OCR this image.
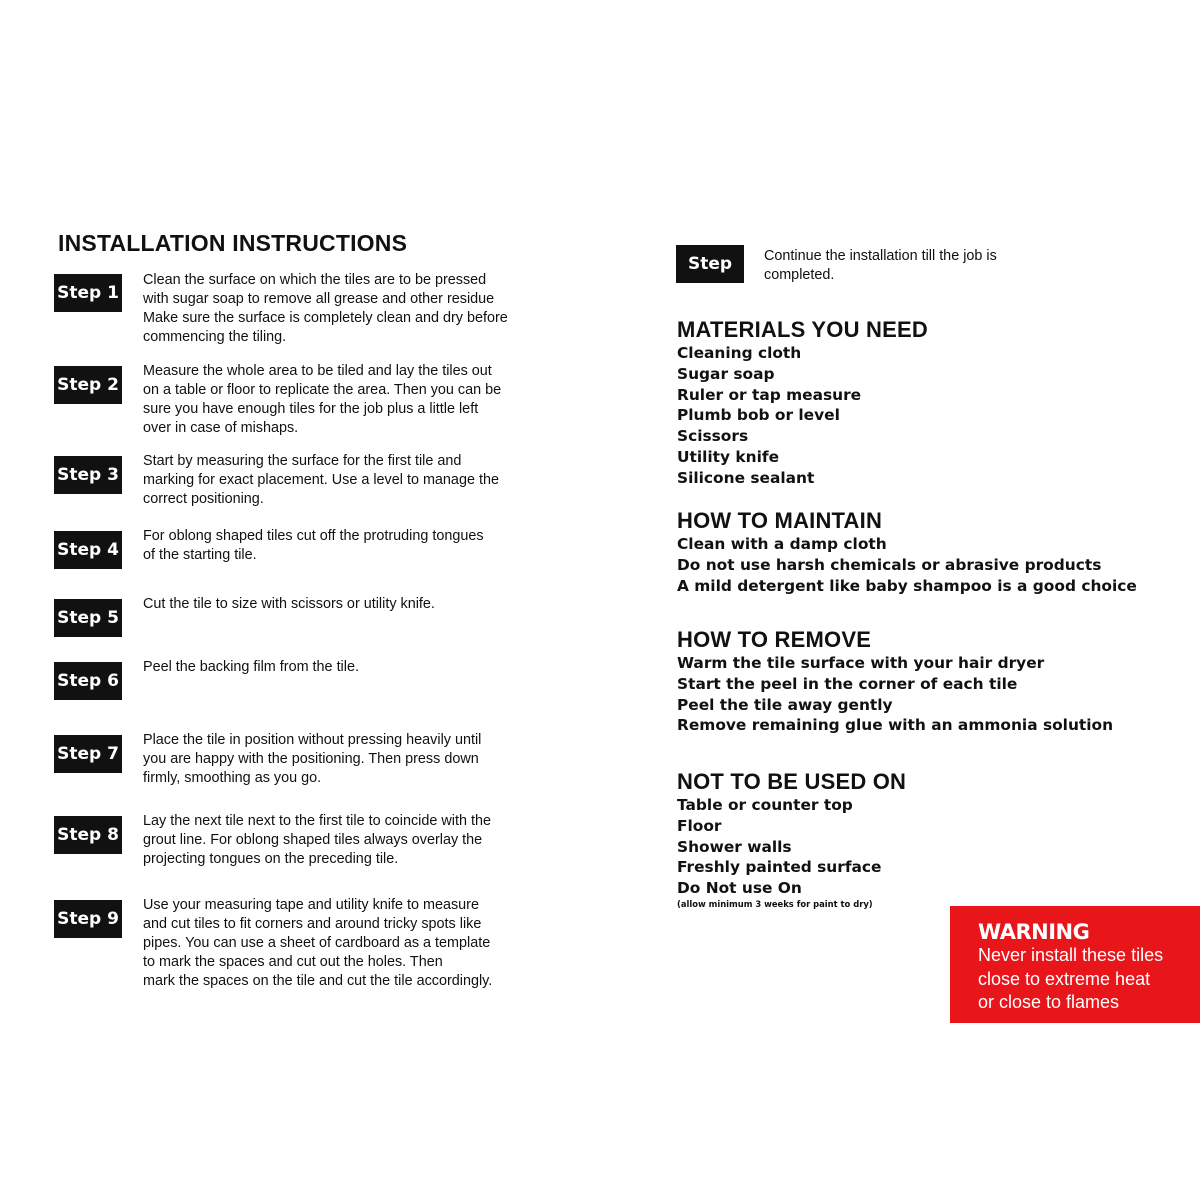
INSTALLATION INSTRUCTIONS
Step 1

Clean the surface on which the tiles are to be pressed
with sugar soap to remove all grease and other residue
Make sure the surface is completely clean and dry before
commencing the tiling.

Step 2

Measure the whole area to be tiled and lay the tiles out
on a table or floor to replicate the area. Then you can be
sure you have enough tiles for the job plus a little left
over in case of mishaps.

Step 3

Start by measuring the surface for the first tile and
marking for exact placement. Use a level to manage the
correct positioning.

Step 4

For oblong shaped tiles cut off the protruding tongues
of the starting tile.

Step 5

Cut the tile to size with scissors or utility knife.

Step 6

Peel the backing film from the tile.

Step 7

Place the tile in position without pressing heavily until
you are happy with the positioning. Then press down
firmly, smoothing as you go.

Step 8

Lay the next tile next to the first tile to coincide with the
grout line. For oblong shaped tiles always overlay the
projecting tongues on the preceding tile.

Step 9

Use your measuring tape and utility knife to measure
and cut tiles to fit corners and around tricky spots like
pipes. You can use a sheet of cardboard as a template
to mark the spaces and cut out the holes. Then
mark the spaces on the tile and cut the tile accordingly.

Step 10

Continue the installation till the job is
completed.

MATERIALS YOU NEED
Cleaning cloth
Sugar soap
Ruler or tap measure
Plumb bob or level
Scissors
Utility knife
Silicone sealant
HOW TO MAINTAIN
Clean with a damp cloth
Do not use harsh chemicals or abrasive products
A mild detergent like baby shampoo is a good choice
HOW TO REMOVE
Warm the tile surface with your hair dryer
Start the peel in the corner of each tile
Peel the tile away gently
Remove remaining glue with an ammonia solution
NOT TO BE USED ON
Table or counter top
Floor
Shower walls
Freshly painted surface
Do Not use On

(allow minimum 3 weeks for paint to dry)

WARNING

Never install these tiles
close to extreme heat
or close to flames
